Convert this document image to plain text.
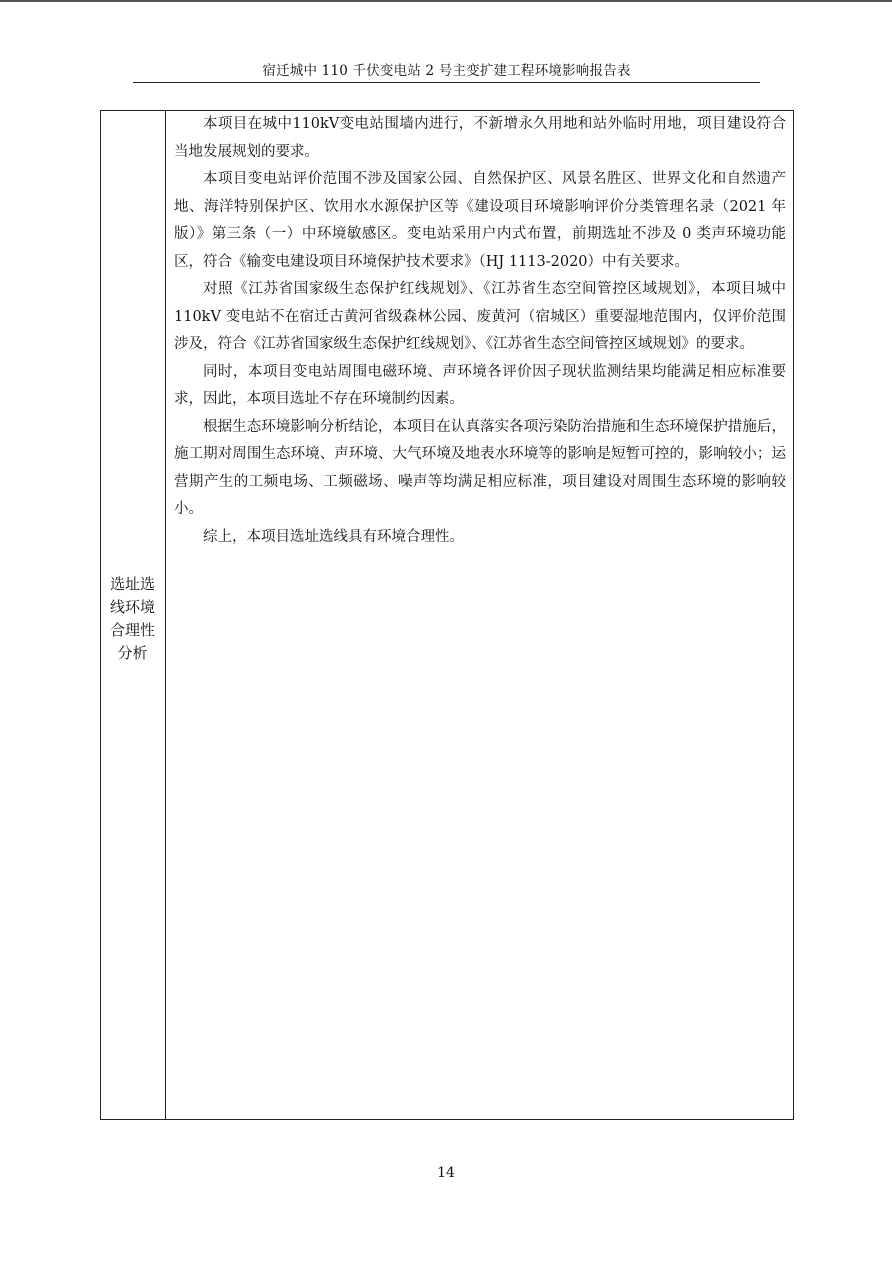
宿迁城中 110 千伏变电站 2 号主变扩建工程环境影响报告表
选址选
线环境
合理性
分析

本项目在城中110kV变电站围墙内进行，不新增永久用地和站外临时用地，项目建设符合当地发展规划的要求。

本项目变电站评价范围不涉及国家公园、自然保护区、风景名胜区、世界文化和自然遗产地、海洋特别保护区、饮用水水源保护区等《建设项目环境影响评价分类管理名录（2021 年版）》第三条（一）中环境敏感区。变电站采用户内式布置，前期选址不涉及 0 类声环境功能区，符合《输变电建设项目环境保护技术要求》（HJ 1113-2020）中有关要求。

对照《江苏省国家级生态保护红线规划》、《江苏省生态空间管控区域规划》，本项目城中 110kV 变电站不在宿迁古黄河省级森林公园、废黄河（宿城区）重要湿地范围内，仅评价范围涉及，符合《江苏省国家级生态保护红线规划》、《江苏省生态空间管控区域规划》的要求。

同时，本项目变电站周围电磁环境、声环境各评价因子现状监测结果均能满足相应标准要求，因此，本项目选址不存在环境制约因素。

根据生态环境影响分析结论，本项目在认真落实各项污染防治措施和生态环境保护措施后，施工期对周围生态环境、声环境、大气环境及地表水环境等的影响是短暂可控的，影响较小；运营期产生的工频电场、工频磁场、噪声等均满足相应标准，项目建设对周围生态环境的影响较小。

综上，本项目选址选线具有环境合理性。

14
